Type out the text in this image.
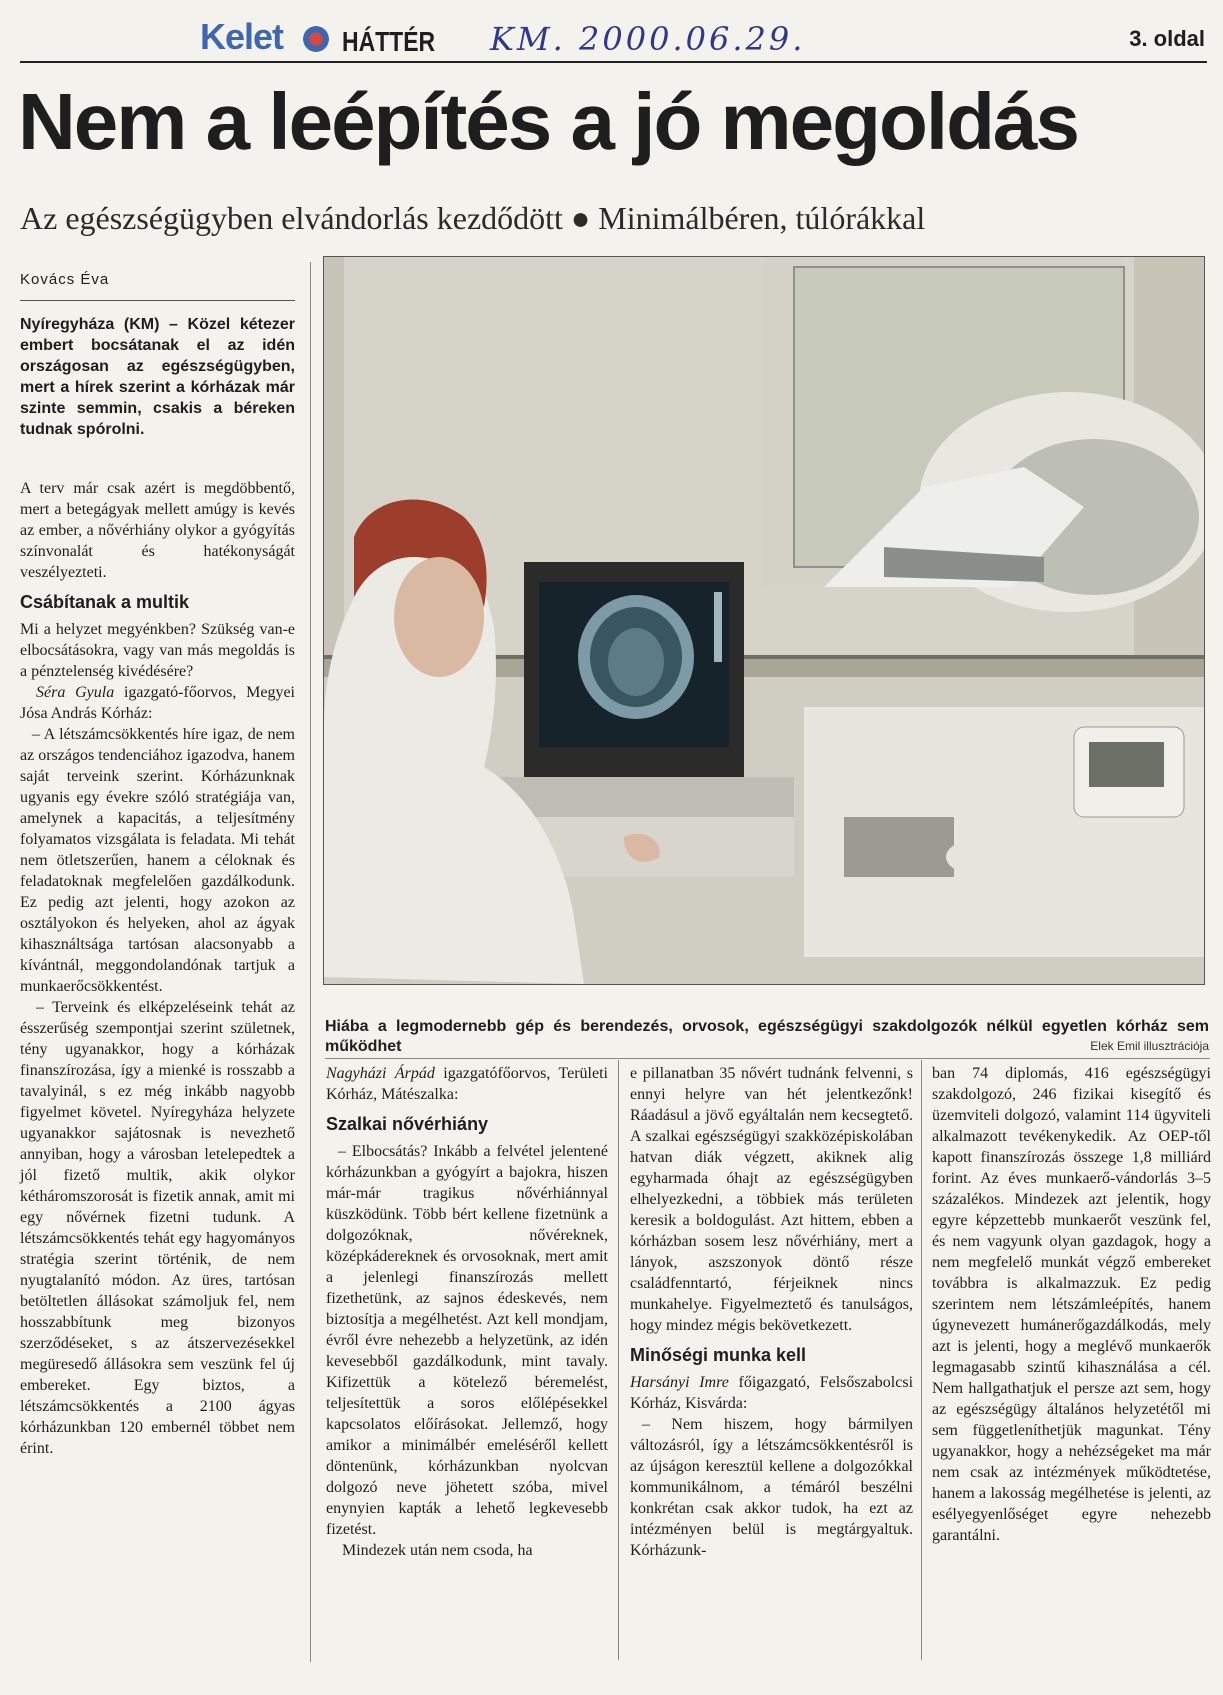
Kelet HÁTTÉR KM. 2000.06.29.	3. oldal
Nem a leépítés a jó megoldás

Az egészségügyben elvándorlás kezdődött ● Minimálbéren, túlórákkal

Kovács Éva

Nyíregyháza (KM) – Közel kétezer embert bocsátanak el az idén országosan az egészségügyben, mert a hírek szerint a kórházak már szinte semmin, csakis a béreken tudnak spórolni.

A terv már csak azért is megdöbbentő, mert a betegágyak mellett amúgy is kevés az ember, a nővérhiány olykor a gyógyítás színvonalát és hatékonyságát veszélyezteti.

Csábítanak a multik

Mi a helyzet megyénkben? Szükség van-e elbocsátásokra, vagy van más megoldás is a pénztelenség kivédésére?

Séra Gyula igazgató-főorvos, Megyei Jósa András Kórház:

– A létszámcsökkentés híre igaz, de nem az országos tendenciához igazodva, hanem saját terveink szerint. Kórházunknak ugyanis egy évekre szóló stratégiája van, amelynek a kapacitás, a teljesítmény folyamatos vizsgálata is feladata. Mi tehát nem ötletszerűen, hanem a céloknak és feladatoknak megfelelően gazdálkodunk. Ez pedig azt jelenti, hogy azokon az osztályokon és helyeken, ahol az ágyak kihasználtsága tartósan alacsonyabb a kívántnál, meggondolandónak tartjuk a munkaerőcsökkentést.

– Terveink és elképzeléseink tehát az ésszerűség szempontjai szerint születnek, tény ugyanakkor, hogy a kórházak finanszírozása, így a mienké is rosszabb a tavalyinál, s ez még inkább nagyobb figyelmet követel. Nyíregyháza helyzete ugyanakkor sajátosnak is nevezhető annyiban, hogy a városban letelepedtek a jól fizető multik, akik olykor kétháromszorosát is fizetik annak, amit mi egy nővérnek fizetni tudunk. A létszámcsökkentés tehát egy hagyományos stratégia szerint történik, de nem nyugtalanító módon. Az üres, tartósan betöltetlen állásokat számoljuk fel, nem hosszabbítunk meg bizonyos szerződéseket, s az átszervezésekkel megüresedő állásokra sem veszünk fel új embereket. Egy biztos, a létszámcsökkentés a 2100 ágyas kórházunkban 120 embernél többet nem érint.

Hiába a legmodernebb gép és berendezés, orvosok, egészségügyi szakdolgozók nélkül egyetlen kórház sem működhet	Elek Emil illusztrációja

Nagyházi Árpád igazgatófőorvos, Területi Kórház, Mátészalka:

Szalkai nővérhiány

– Elbocsátás? Inkább a felvétel jelentené kórházunkban a gyógyírt a bajokra, hiszen már-már tragikus nővérhiánnyal küszködünk. Több bért kellene fizetnünk a dolgozóknak, nővéreknek, középkádereknek és orvosoknak, mert amit a jelenlegi finanszírozás mellett fizethetünk, az sajnos édeskevés, nem biztosítja a megélhetést. Azt kell mondjam, évről évre nehezebb a helyzetünk, az idén kevesebből gazdálkodunk, mint tavaly. Kifizettük a kötelező béremelést, teljesítettük a soros előlépésekkel kapcsolatos előírásokat. Jellemző, hogy amikor a minimálbér emeléséről kellett döntenünk, kórházunkban nyolcvan dolgozó neve jöhetett szóba, mivel enynyien kapták a lehető legkevesebb fizetést.

Mindezek után nem csoda, ha

e pillanatban 35 nővért tudnánk felvenni, s ennyi helyre van hét jelentkezőnk! Ráadásul a jövő egyáltalán nem kecsegtető. A szalkai egészségügyi szakközépiskolában hatvan diák végzett, akiknek alig egyharmada óhajt az egészségügyben elhelyezkedni, a többiek más területen keresik a boldogulást. Azt hittem, ebben a kórházban sosem lesz nővérhiány, mert a lányok, aszszonyok döntő része családfenntartó, férjeiknek nincs munkahelye. Figyelmeztető és tanulságos, hogy mindez mégis bekövetkezett.

Minőségi munka kell

Harsányi Imre főigazgató, Felsőszabolcsi Kórház, Kisvárda:

– Nem hiszem, hogy bármilyen változásról, így a létszámcsökkentésről is az újságon keresztül kellene a dolgozókkal kommunikálnom, a témáról beszélni konkrétan csak akkor tudok, ha ezt az intézményen belül is megtárgyaltuk. Kórházunk-

ban 74 diplomás, 416 egészségügyi szakdolgozó, 246 fizikai kisegítő és üzemviteli dolgozó, valamint 114 ügyviteli alkalmazott tevékenykedik. Az OEP-től kapott finanszírozás összege 1,8 milliárd forint. Az éves munkaerő-vándorlás 3–5 százalékos. Mindezek azt jelentik, hogy egyre képzettebb munkaerőt veszünk fel, és nem vagyunk olyan gazdagok, hogy a nem megfelelő munkát végző embereket továbbra is alkalmazzuk. Ez pedig szerintem nem létszámleépítés, hanem úgynevezett humánerőgazdálkodás, mely azt is jelenti, hogy a meglévő munkaerők legmagasabb szintű kihasználása a cél. Nem hallgathatjuk el persze azt sem, hogy az egészségügy általános helyzetétől mi sem függetleníthetjük magunkat. Tény ugyanakkor, hogy a nehézségeket ma már nem csak az intézmények működtetése, hanem a lakosság megélhetése is jelenti, az esélyegyenlőséget egyre nehezebb garantálni.
